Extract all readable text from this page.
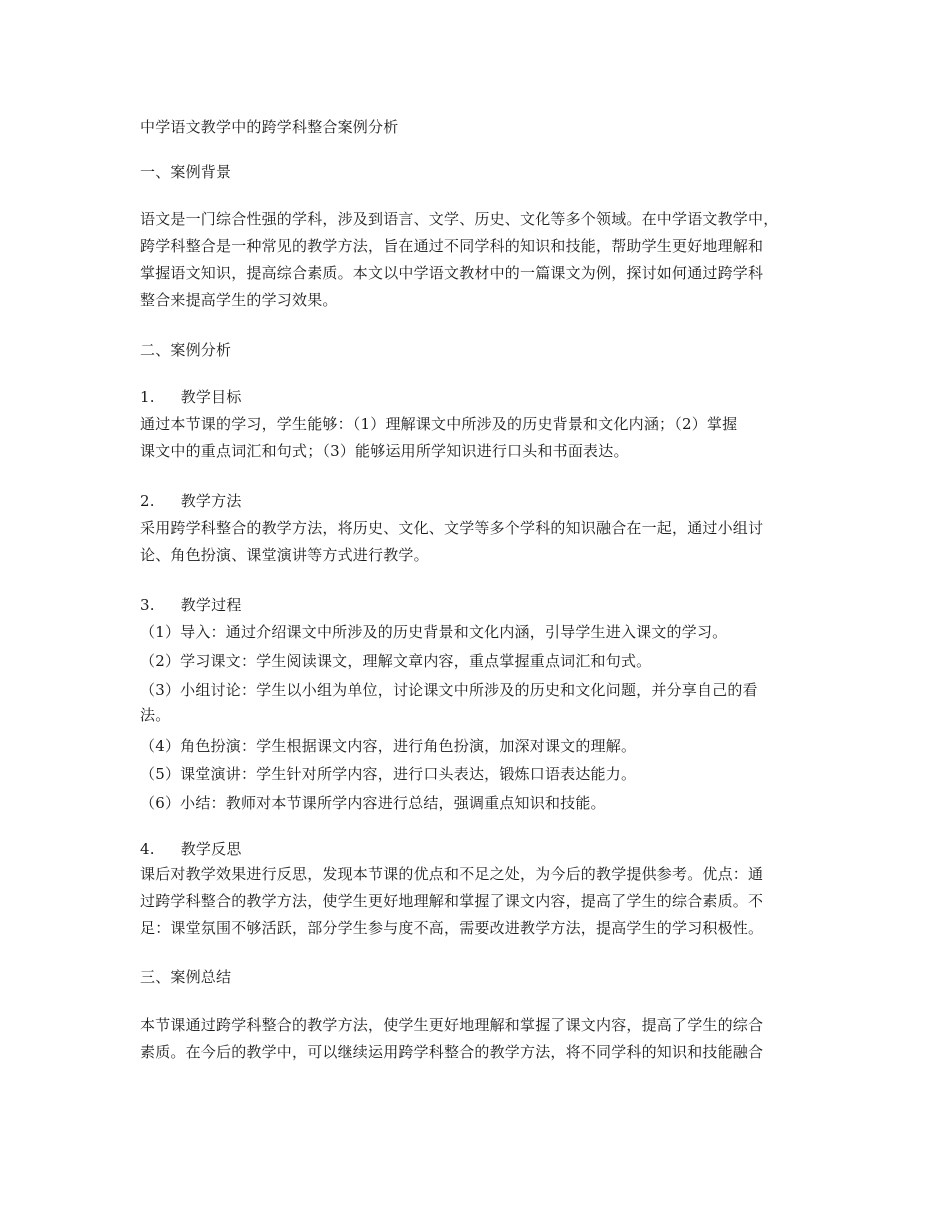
中学语文教学中的跨学科整合案例分析
一、案例背景
语文是一门综合性强的学科，涉及到语言、文学、历史、文化等多个领域。在中学语文教学中，
跨学科整合是一种常见的教学方法，旨在通过不同学科的知识和技能，帮助学生更好地理解和
掌握语文知识，提高综合素质。本文以中学语文教材中的一篇课文为例，探讨如何通过跨学科
整合来提高学生的学习效果。
二、案例分析
1. 教学目标
通过本节课的学习，学生能够：（1）理解课文中所涉及的历史背景和文化内涵；（2）掌握
课文中的重点词汇和句式；（3）能够运用所学知识进行口头和书面表达。
2. 教学方法
采用跨学科整合的教学方法，将历史、文化、文学等多个学科的知识融合在一起，通过小组讨
论、角色扮演、课堂演讲等方式进行教学。
3. 教学过程
（1）导入：通过介绍课文中所涉及的历史背景和文化内涵，引导学生进入课文的学习。
（2）学习课文：学生阅读课文，理解文章内容，重点掌握重点词汇和句式。
（3）小组讨论：学生以小组为单位，讨论课文中所涉及的历史和文化问题，并分享自己的看
法。
（4）角色扮演：学生根据课文内容，进行角色扮演，加深对课文的理解。
（5）课堂演讲：学生针对所学内容，进行口头表达，锻炼口语表达能力。
（6）小结：教师对本节课所学内容进行总结，强调重点知识和技能。
4. 教学反思
课后对教学效果进行反思，发现本节课的优点和不足之处，为今后的教学提供参考。优点：通
过跨学科整合的教学方法，使学生更好地理解和掌握了课文内容，提高了学生的综合素质。不
足：课堂氛围不够活跃，部分学生参与度不高，需要改进教学方法，提高学生的学习积极性。
三、案例总结
本节课通过跨学科整合的教学方法，使学生更好地理解和掌握了课文内容，提高了学生的综合
素质。在今后的教学中，可以继续运用跨学科整合的教学方法，将不同学科的知识和技能融合
